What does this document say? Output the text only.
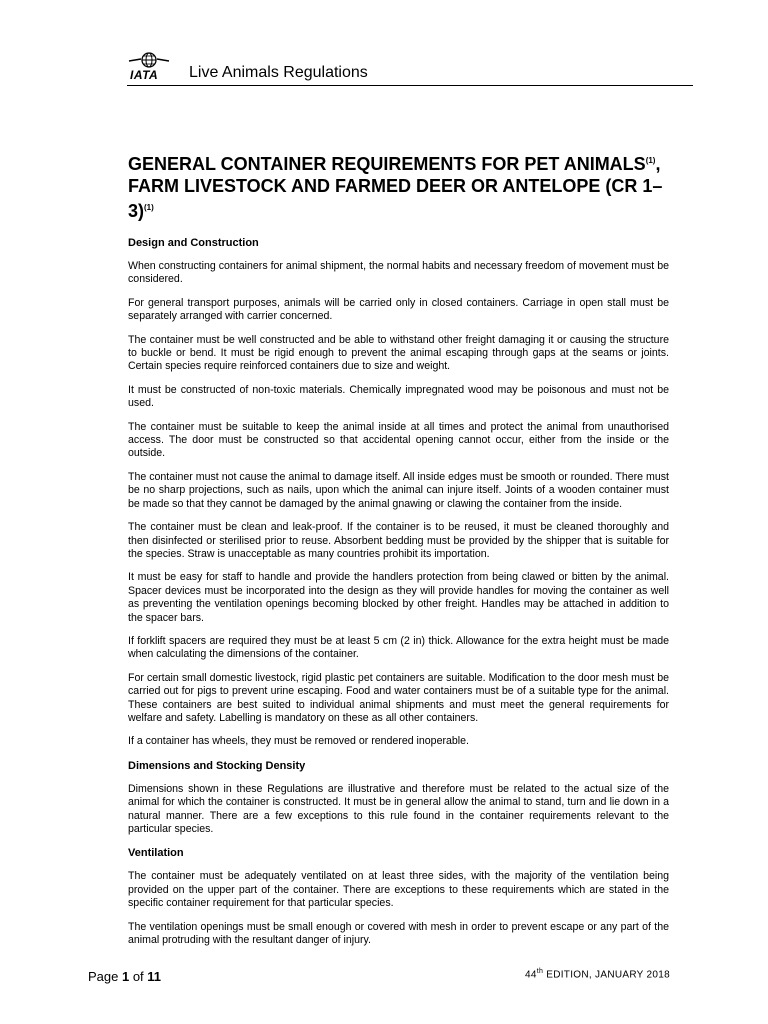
IATA Live Animals Regulations
GENERAL CONTAINER REQUIREMENTS FOR PET ANIMALS$^{(1)}$,
FARM LIVESTOCK AND FARMED DEER OR ANTELOPE (CR 1–3)$^{(1)}$
Design and Construction

When constructing containers for animal shipment, the normal habits and necessary freedom of movement must be considered.

For general transport purposes, animals will be carried only in closed containers. Carriage in open stall must be separately arranged with carrier concerned.

The container must be well constructed and be able to withstand other freight damaging it or causing the structure to buckle or bend. It must be rigid enough to prevent the animal escaping through gaps at the seams or joints. Certain species require reinforced containers due to size and weight.

It must be constructed of non-toxic materials. Chemically impregnated wood may be poisonous and must not be used.

The container must be suitable to keep the animal inside at all times and protect the animal from unauthorised access. The door must be constructed so that accidental opening cannot occur, either from the inside or the outside.

The container must not cause the animal to damage itself. All inside edges must be smooth or rounded. There must be no sharp projections, such as nails, upon which the animal can injure itself. Joints of a wooden container must be made so that they cannot be damaged by the animal gnawing or clawing the container from the inside.

The container must be clean and leak-proof. If the container is to be reused, it must be cleaned thoroughly and then disinfected or sterilised prior to reuse. Absorbent bedding must be provided by the shipper that is suitable for the species. Straw is unacceptable as many countries prohibit its importation.

It must be easy for staff to handle and provide the handlers protection from being clawed or bitten by the animal. Spacer devices must be incorporated into the design as they will provide handles for moving the container as well as preventing the ventilation openings becoming blocked by other freight. Handles may be attached in addition to the spacer bars.

If forklift spacers are required they must be at least 5 cm (2 in) thick. Allowance for the extra height must be made when calculating the dimensions of the container.

For certain small domestic livestock, rigid plastic pet containers are suitable. Modification to the door mesh must be carried out for pigs to prevent urine escaping. Food and water containers must be of a suitable type for the animal. These containers are best suited to individual animal shipments and must meet the general requirements for welfare and safety. Labelling is mandatory on these as all other containers.

If a container has wheels, they must be removed or rendered inoperable.

Dimensions and Stocking Density

Dimensions shown in these Regulations are illustrative and therefore must be related to the actual size of the animal for which the container is constructed. It must be in general allow the animal to stand, turn and lie down in a natural manner. There are a few exceptions to this rule found in the container requirements relevant to the particular species.

Ventilation

The container must be adequately ventilated on at least three sides, with the majority of the ventilation being provided on the upper part of the container. There are exceptions to these requirements which are stated in the specific container requirement for that particular species.

The ventilation openings must be small enough or covered with mesh in order to prevent escape or any part of the animal protruding with the resultant danger of injury.

Page 1 of 11	44th EDITION, JANUARY 2018
